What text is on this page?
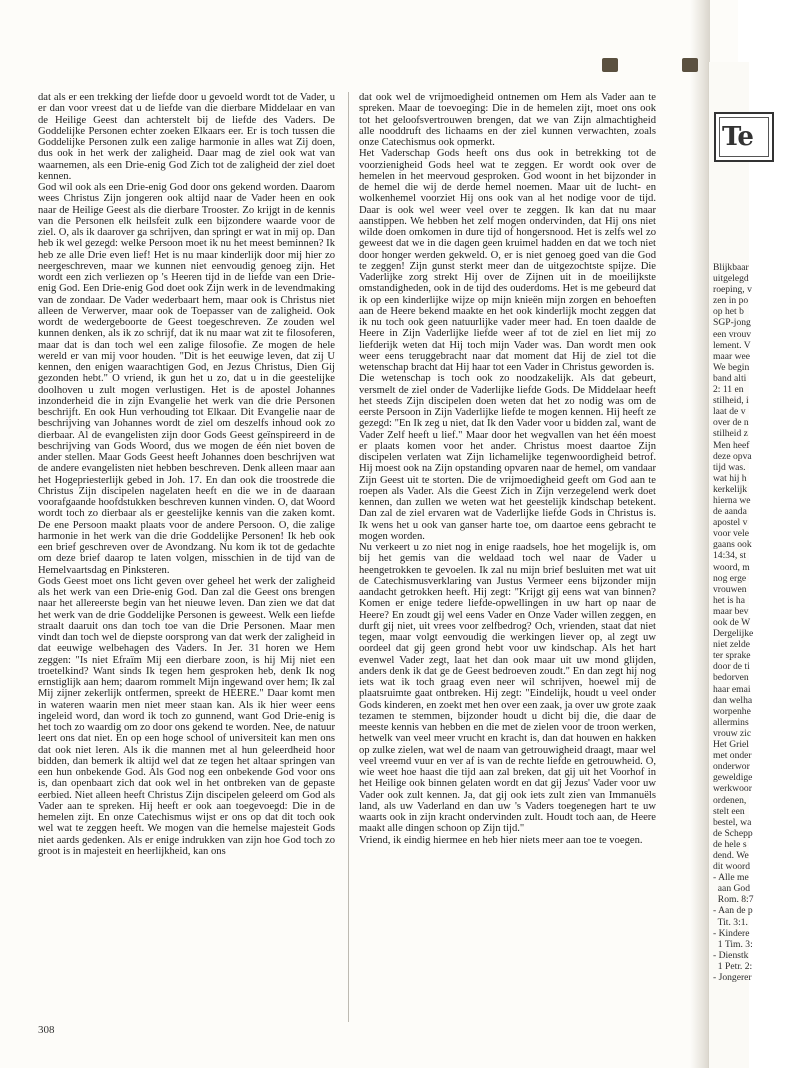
dat als er een trekking der liefde door u gevoeld wordt tot de Vader, u er dan voor vreest dat u de liefde van die dierbare Middelaar en van de Heilige Geest dan achterstelt bij de liefde des Vaders. De Goddelijke Personen echter zoeken Elkaars eer. Er is toch tussen die Goddelijke Personen zulk een zalige harmonie in alles wat Zij doen, dus ook in het werk der zaligheid. Daar mag de ziel ook wat van waarnemen, als een Drie-enig God Zich tot de zaligheid der ziel doet kennen.

God wil ook als een Drie-enig God door ons gekend worden. Daarom wees Christus Zijn jongeren ook altijd naar de Vader heen en ook naar de Heilige Geest als die dierbare Trooster. Zo krijgt in de kennis van die Personen elk heilsfeit zulk een bijzondere waarde voor de ziel. O, als ik daarover ga schrijven, dan springt er wat in mij op. Dan heb ik wel gezegd: welke Persoon moet ik nu het meest beminnen? Ik heb ze alle Drie even lief! Het is nu maar kinderlijk door mij hier zo neergeschreven, maar we kunnen niet eenvoudig genoeg zijn. Het wordt een zich verliezen op 's Heeren tijd in de liefde van een Drie-enig God. Een Drie-enig God doet ook Zijn werk in de levendmaking van de zondaar. De Vader wederbaart hem, maar ook is Christus niet alleen de Verwerver, maar ook de Toepasser van de zaligheid. Ook wordt de wedergeboorte de Geest toegeschreven. Ze zouden wel kunnen denken, als ik zo schrijf, dat ik nu maar wat zit te filosoferen, maar dat is dan toch wel een zalige filosofie. Ze mogen de hele wereld er van mij voor houden. "Dit is het eeuwige leven, dat zij U kennen, den enigen waarachtigen God, en Jezus Christus, Dien Gij gezonden hebt." O vriend, ik gun het u zo, dat u in die geestelijke doolhoven u zult mogen verlustigen. Het is de apostel Johannes inzonderheid die in zijn Evangelie het werk van die drie Personen beschrijft. En ook Hun verhouding tot Elkaar. Dit Evangelie naar de beschrijving van Johannes wordt de ziel om deszelfs inhoud ook zo dierbaar. Al de evangelisten zijn door Gods Geest geïnspireerd in de beschrijving van Gods Woord, dus we mogen de één niet boven de ander stellen. Maar Gods Geest heeft Johannes doen beschrijven wat de andere evangelisten niet hebben beschreven. Denk alleen maar aan het Hogepriesterlijk gebed in Joh. 17. En dan ook die troostrede die Christus Zijn discipelen nagelaten heeft en die we in de daaraan voorafgaande hoofdstukken beschreven kunnen vinden. O, dat Woord wordt toch zo dierbaar als er geestelijke kennis van die zaken komt. De ene Persoon maakt plaats voor de andere Persoon. O, die zalige harmonie in het werk van die drie Goddelijke Personen! Ik heb ook een brief geschreven over de Avondzang. Nu kom ik tot de gedachte om deze brief daarop te laten volgen, misschien in de tijd van de Hemelvaartsdag en Pinksteren.

Gods Geest moet ons licht geven over geheel het werk der zaligheid als het werk van een Drie-enig God. Dan zal die Geest ons brengen naar het allereerste begin van het nieuwe leven. Dan zien we dat dat het werk van de drie Goddelijke Personen is geweest. Welk een liefde straalt daaruit ons dan toch toe van die Drie Personen. Maar men vindt dan toch wel de diepste oorsprong van dat werk der zaligheid in dat eeuwige welbehagen des Vaders. In Jer. 31 horen we Hem zeggen: "Is niet Efraïm Mij een dierbare zoon, is hij Mij niet een troetelkind? Want sinds Ik tegen hem gesproken heb, denk Ik nog ernstiglijk aan hem; daarom rommelt Mijn ingewand over hem; Ik zal Mij zijner zekerlijk ontfermen, spreekt de HEERE." Daar komt men in wateren waarin men niet meer staan kan. Als ik hier weer eens ingeleid word, dan word ik toch zo gunnend, want God Drie-enig is het toch zo waardig om zo door ons gekend te worden. Nee, de natuur leert ons dat niet. En op een hoge school of universiteit kan men ons dat ook niet leren. Als ik die mannen met al hun geleerdheid hoor bidden, dan bemerk ik altijd wel dat ze tegen het altaar springen van een hun onbekende God. Als God nog een onbekende God voor ons is, dan openbaart zich dat ook wel in het ontbreken van de gepaste eerbied. Niet alleen heeft Christus Zijn discipelen geleerd om God als Vader aan te spreken. Hij heeft er ook aan toegevoegd: Die in de hemelen zijt. En onze Catechismus wijst er ons op dat dit toch ook wel wat te zeggen heeft. We mogen van die hemelse majesteit Gods niet aards gedenken. Als er enige indrukken van zijn hoe God toch zo groot is in majesteit en heerlijkheid, kan ons

dat ook wel de vrijmoedigheid ontnemen om Hem als Vader aan te spreken. Maar de toevoeging: Die in de hemelen zijt, moet ons ook tot het geloofsvertrouwen brengen, dat we van Zijn almachtigheid alle nooddruft des lichaams en der ziel kunnen verwachten, zoals onze Catechismus ook opmerkt.

Het Vaderschap Gods heeft ons dus ook in betrekking tot de voorzienigheid Gods heel wat te zeggen. Er wordt ook over de hemelen in het meervoud gesproken. God woont in het bijzonder in de hemel die wij de derde hemel noemen. Maar uit de lucht- en wolkenhemel voorziet Hij ons ook van al het nodige voor de tijd. Daar is ook wel weer veel over te zeggen. Ik kan dat nu maar aanstippen. We hebben het zelf mogen ondervinden, dat Hij ons niet wilde doen omkomen in dure tijd of hongersnood. Het is zelfs wel zo geweest dat we in die dagen geen kruimel hadden en dat we toch niet door honger werden gekweld. O, er is niet genoeg goed van die God te zeggen! Zijn gunst sterkt meer dan de uitgezochtste spijze. Die Vaderlijke zorg strekt Hij over de Zijnen uit in de moeilijkste omstandigheden, ook in de tijd des ouderdoms. Het is me gebeurd dat ik op een kinderlijke wijze op mijn knieën mijn zorgen en behoeften aan de Heere bekend maakte en het ook kinderlijk mocht zeggen dat ik nu toch ook geen natuurlijke vader meer had. En toen daalde de Heere in Zijn Vaderlijke liefde weer af tot de ziel en liet mij zo liefderijk weten dat Hij toch mijn Vader was. Dan wordt men ook weer eens teruggebracht naar dat moment dat Hij de ziel tot die wetenschap bracht dat Hij haar tot een Vader in Christus geworden is.

Die wetenschap is toch ook zo noodzakelijk. Als dat gebeurt, versmelt de ziel onder de Vaderlijke liefde Gods. De Middelaar heeft het steeds Zijn discipelen doen weten dat het zo nodig was om de eerste Persoon in Zijn Vaderlijke liefde te mogen kennen. Hij heeft ze gezegd: "En Ik zeg u niet, dat Ik den Vader voor u bidden zal, want de Vader Zelf heeft u lief." Maar door het wegvallen van het één moest er plaats komen voor het ander. Christus moest daartoe Zijn discipelen verlaten wat Zijn lichamelijke tegenwoordigheid betrof. Hij moest ook na Zijn opstanding opvaren naar de hemel, om vandaar Zijn Geest uit te storten. Die de vrijmoedigheid geeft om God aan te roepen als Vader. Als die Geest Zich in Zijn verzegelend werk doet kennen, dan zullen we weten wat het geestelijk kindschap betekent. Dan zal de ziel ervaren wat de Vaderlijke liefde Gods in Christus is. Ik wens het u ook van ganser harte toe, om daartoe eens gebracht te mogen worden.

Nu verkeert u zo niet nog in enige raadsels, hoe het mogelijk is, om bij het gemis van die weldaad toch wel naar de Vader u heengetrokken te gevoelen. Ik zal nu mijn brief besluiten met wat uit de Catechismusverklaring van Justus Vermeer eens bijzonder mijn aandacht getrokken heeft. Hij zegt: "Krijgt gij eens wat van binnen? Komen er enige tedere liefde-opwellingen in uw hart op naar de Heere? En zoudt gij wel eens Vader en Onze Vader willen zeggen, en durft gij niet, uit vrees voor zelfbedrog? Och, vrienden, staat dat niet tegen, maar volgt eenvoudig die werkingen liever op, al zegt uw oordeel dat gij geen grond hebt voor uw kindschap. Als het hart evenwel Vader zegt, laat het dan ook maar uit uw mond glijden, anders denk ik dat ge de Geest bedroeven zoudt." En dan zegt hij nog iets wat ik toch graag even neer wil schrijven, hoewel mij de plaatsruimte gaat ontbreken. Hij zegt: "Eindelijk, houdt u veel onder Gods kinderen, en zoekt met hen over een zaak, ja over uw grote zaak tezamen te stemmen, bijzonder houdt u dicht bij die, die daar de meeste kennis van hebben en die met de zielen voor de troon werken, hetwelk van veel meer vrucht en kracht is, dan dat houwen en hakken op zulke zielen, wat wel de naam van getrouwigheid draagt, maar wel veel vreemd vuur en ver af is van de rechte liefde en getrouwheid. O, wie weet hoe haast die tijd aan zal breken, dat gij uit het Voorhof in het Heilige ook binnen gelaten wordt en dat gij Jezus' Vader voor uw Vader ook zult kennen. Ja, dat gij ook iets zult zien van Immanuëls land, als uw Vaderland en dan uw 's Vaders toegenegen hart te uw waarts ook in zijn kracht ondervinden zult. Houdt toch aan, de Heere maakt alle dingen schoon op Zijn tijd."

Vriend, ik eindig hiermee en heb hier niets meer aan toe te voegen.

308
Te
Blijkbaar
uitgelegd
roeping, v
zen in po
op het b
SGP-jong
een vrouv
lement. V
maar wee
We begin
band alti
2: 11 en
stilheid, i
laat de v
over de n
stilheid z
Men heef
deze opva
tijd was.
wat hij h
kerkelijk
hierna we
de aanda
apostel v
voor vele
gaans ook
14:34, st
woord, m
nog erge
vrouwen
het is ha
maar bev
ook de W
Dergelijke
niet zelde
ter sprake
door de ti
bedorven
haar emai
dan welha
worpenhe
allermins
vrouw zic
Het Griel
met onder
onderwor
geweldige
werkwoor
ordenen,
stelt een
bestel, wa
de Schepp
de hele s
dend. We
dit woord
- Alle me
aan God
Rom. 8:7
- Aan de p
Tit. 3:1.
- Kindere
1 Tim. 3:
- Dienstk
1 Petr. 2:
- Jongerer
